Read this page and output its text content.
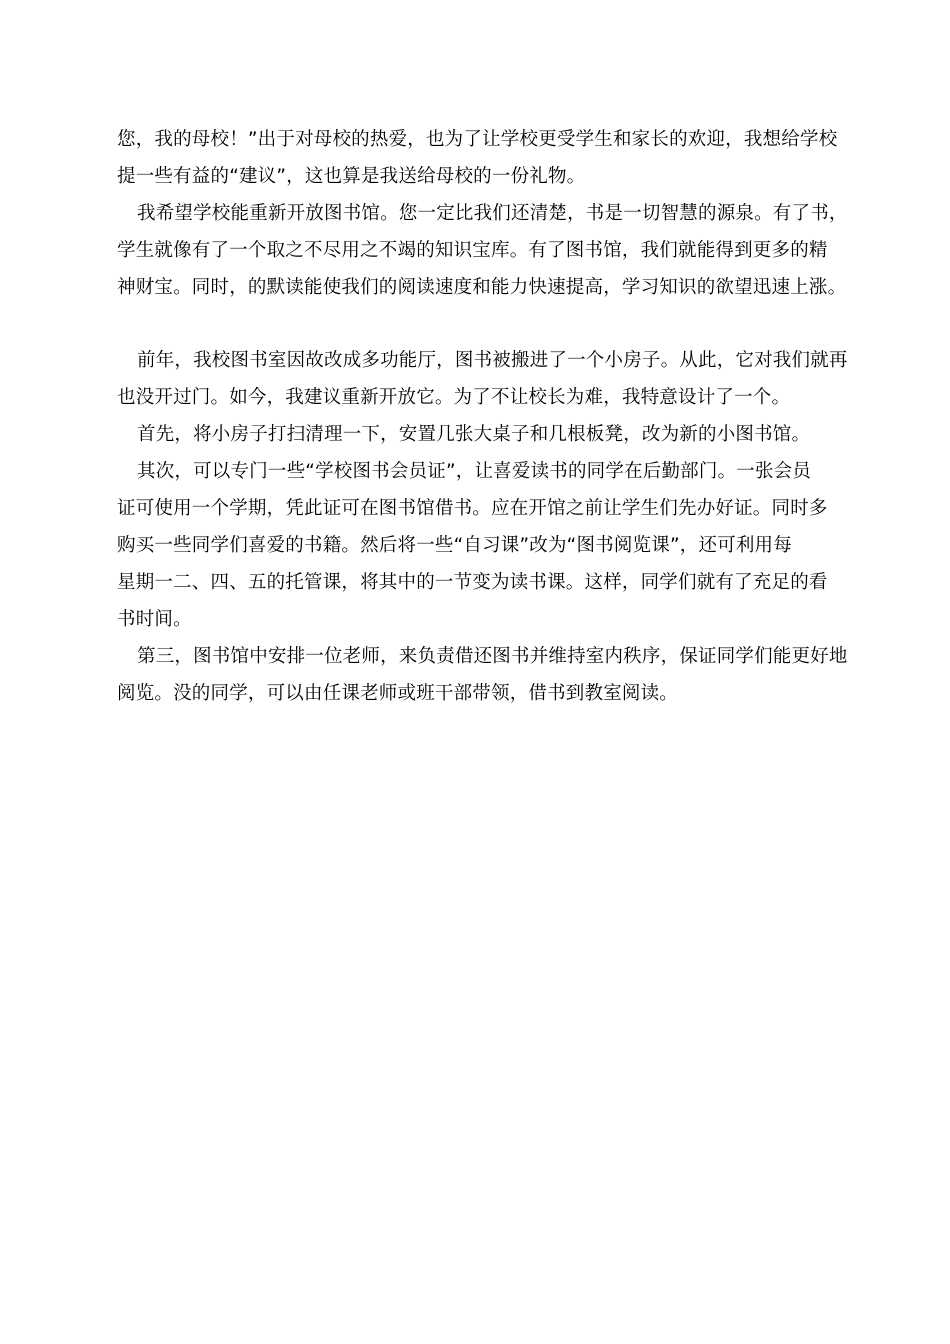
您，我的母校！”出于对母校的热爱，也为了让学校更受学生和家长的欢迎，我想给学校
提一些有益的“建议”，这也算是我送给母校的一份礼物。

我希望学校能重新开放图书馆。您一定比我们还清楚，书是一切智慧的源泉。有了书，
学生就像有了一个取之不尽用之不竭的知识宝库。有了图书馆，我们就能得到更多的精
神财宝。同时，的默读能使我们的阅读速度和能力快速提高，学习知识的欲望迅速上涨。

前年，我校图书室因故改成多功能厅，图书被搬进了一个小房子。从此，它对我们就再
也没开过门。如今，我建议重新开放它。为了不让校长为难，我特意设计了一个。

首先，将小房子打扫清理一下，安置几张大桌子和几根板凳，改为新的小图书馆。

其次，可以专门一些“学校图书会员证”，让喜爱读书的同学在后勤部门。一张会员
证可使用一个学期，凭此证可在图书馆借书。应在开馆之前让学生们先办好证。同时多
购买一些同学们喜爱的书籍。然后将一些“自习课”改为“图书阅览课”，还可利用每
星期一二、四、五的托管课，将其中的一节变为读书课。这样，同学们就有了充足的看
书时间。

第三，图书馆中安排一位老师，来负责借还图书并维持室内秩序，保证同学们能更好地
阅览。没的同学，可以由任课老师或班干部带领，借书到教室阅读。
